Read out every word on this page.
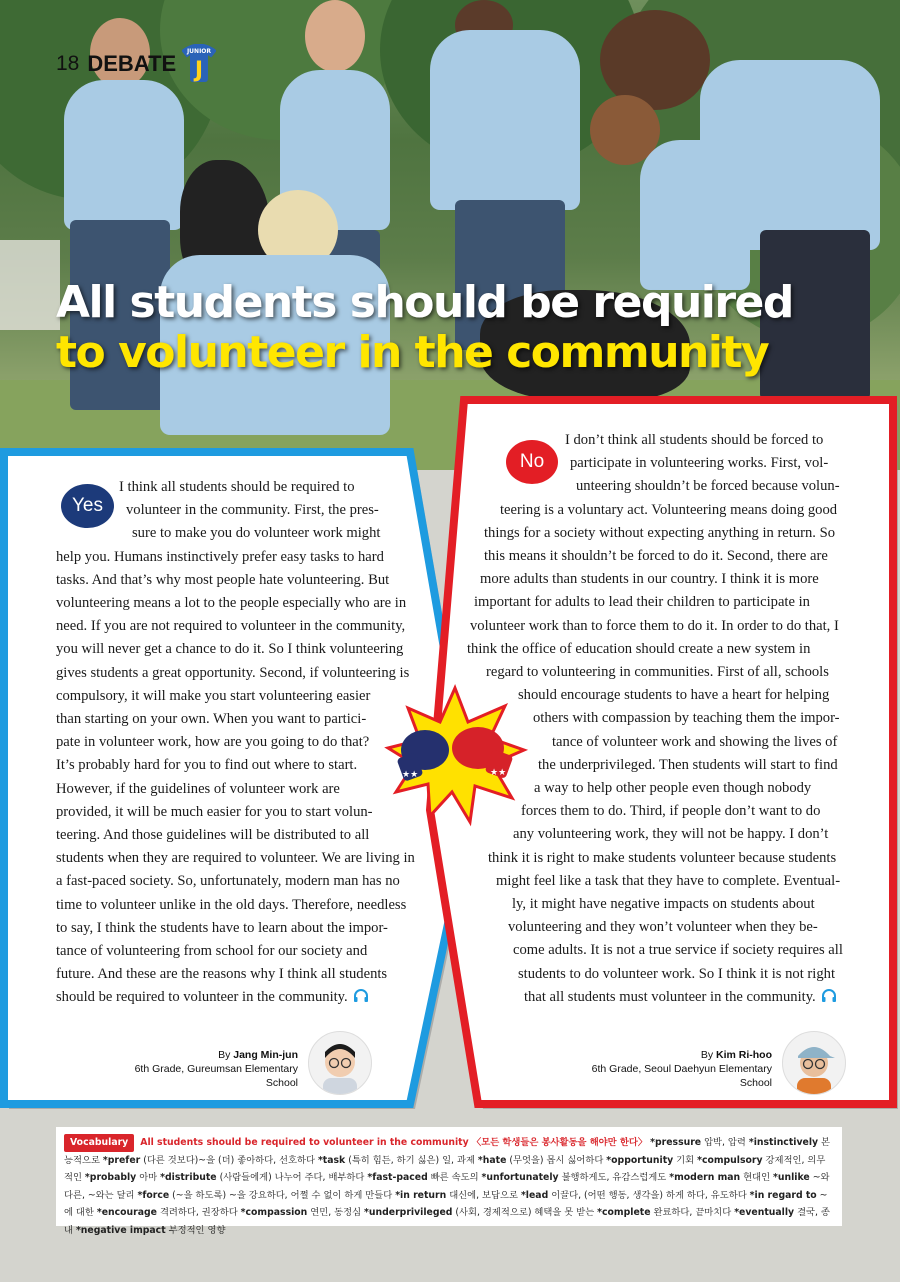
18 DEBATE J
JUNIOR
All students should be required
to volunteer in the community
★★	★★
Yes
I think all students should be required to
volunteer in the community. First, the pres-
sure to make you do volunteer work might
help you. Humans instinctively prefer easy tasks to hard
tasks. And that’s why most people hate volunteering. But
volunteering means a lot to the people especially who are in
need. If you are not required to volunteer in the community,
you will never get a chance to do it. So I think volunteering
gives students a great opportunity. Second, if volunteering is
compulsory, it will make you start volunteering easier
than starting on your own. When you want to partici-
pate in volunteer work, how are you going to do that?
It’s probably hard for you to find out where to start.
However, if the guidelines of volunteer work are
provided, it will be much easier for you to start volun-
teering. And those guidelines will be distributed to all
students when they are required to volunteer. We are living in
a fast-paced society. So, unfortunately, modern man has no
time to volunteer unlike in the old days. Therefore, needless
to say, I think the students have to learn about the impor-
tance of volunteering from school for our society and
future. And these are the reasons why I think all students
should be required to volunteer in the community.
By Jang Min-jun
6th Grade, Gureumsan Elementary School
No
I don’t think all students should be forced to
participate in volunteering works. First, vol-
unteering shouldn’t be forced because volun-
teering is a voluntary act. Volunteering means doing good
things for a society without expecting anything in return. So
this means it shouldn’t be forced to do it. Second, there are
more adults than students in our country. I think it is more
important for adults to lead their children to participate in
volunteer work than to force them to do it. In order to do that, I
think the office of education should create a new system in
regard to volunteering in communities. First of all, schools
should encourage students to have a heart for helping
others with compassion by teaching them the impor-
tance of volunteer work and showing the lives of
the underprivileged. Then students will start to find
a way to help other people even though nobody
forces them to do. Third, if people don’t want to do
any volunteering work, they will not be happy. I don’t
think it is right to make students volunteer because students
might feel like a task that they have to complete. Eventual-
ly, it might have negative impacts on students about
volunteering and they won’t volunteer when they be-
come adults. It is not a true service if society requires all
students to do volunteer work. So I think it is not right
that all students must volunteer in the community.
By Kim Ri-hoo
6th Grade, Seoul Daehyun Elementary School
Vocabulary All students should be required to volunteer in the community 〈모든 학생들은 봉사활동을 해야만 한다〉 *pressure 압박, 압력 *instinctively 본능적으로 *prefer (다른 것보다)~을 (더) 좋아하다, 선호하다 *task (특히 힘든, 하기 싫은) 일, 과제 *hate (무엇을) 몹시 싫어하다 *opportunity 기회 *compulsory 강제적인, 의무적인 *probably 아마 *distribute (사람들에게) 나누어 주다, 배부하다 *fast-paced 빠른 속도의 *unfortunately 불행하게도, 유감스럽게도 *modern man 현대인 *unlike ~와 다른, ~와는 달리 *force (~을 하도록) ~을 강요하다, 어쩔 수 없이 하게 만들다 *in return 대신에, 보답으로 *lead 이끌다, (어떤 행동, 생각을) 하게 하다, 유도하다 *in regard to ~에 대한 *encourage 격려하다, 권장하다 *compassion 연민, 동정심 *underprivileged (사회, 경제적으로) 혜택을 못 받는 *complete 완료하다, 끝마치다 *eventually 결국, 종내 *negative impact 부정적인 영향
